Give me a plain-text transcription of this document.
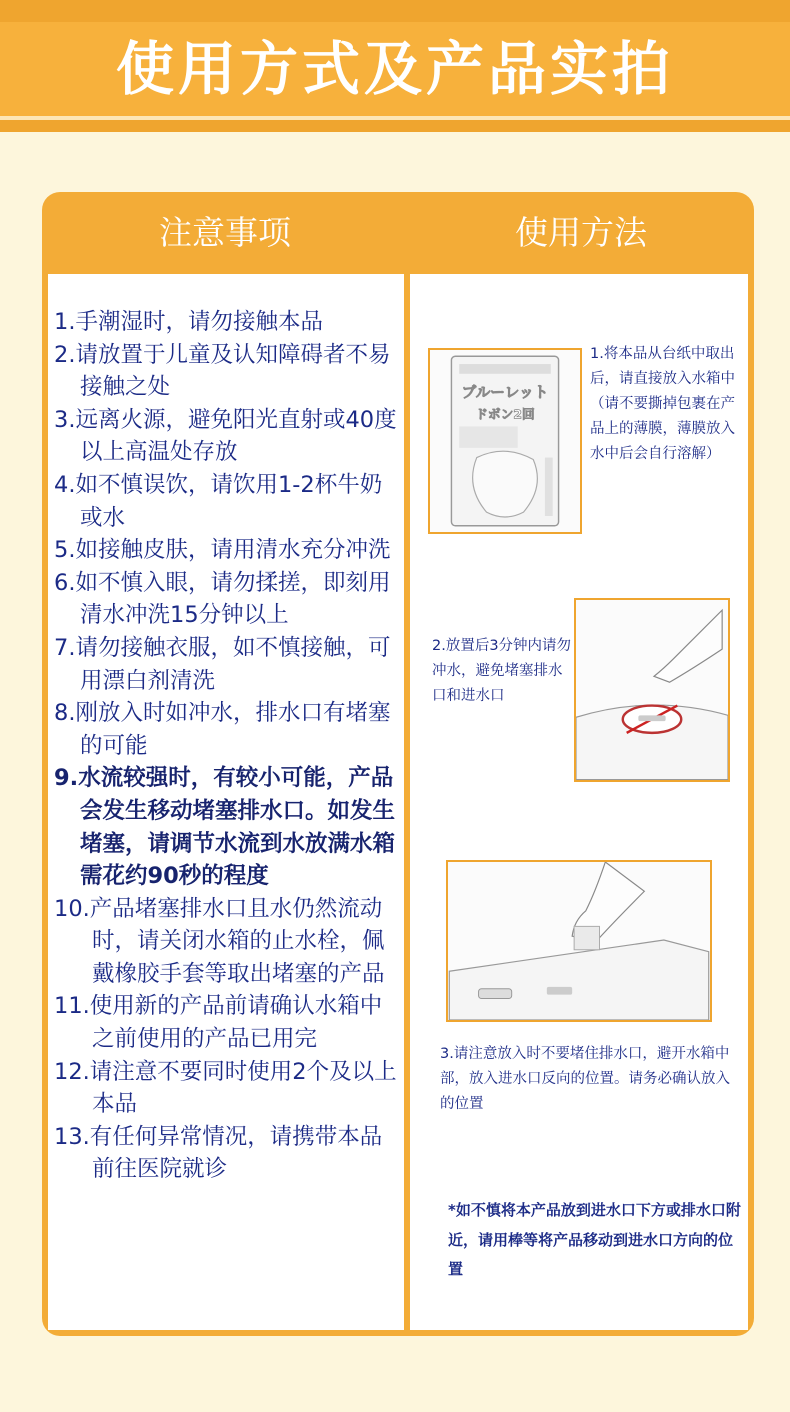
使用方式及产品实拍
注意事项	使用方法
1.手潮湿时，请勿接触本品
2.请放置于儿童及认知障碍者不易接触之处
3.远离火源，避免阳光直射或40度以上高温处存放
4.如不慎误饮，请饮用1-2杯牛奶或水
5.如接触皮肤，请用清水充分冲洗
6.如不慎入眼，请勿揉搓，即刻用清水冲洗15分钟以上
7.请勿接触衣服，如不慎接触，可用漂白剂清洗
8.刚放入时如冲水，排水口有堵塞的可能
9.水流较强时，有较小可能，产品会发生移动堵塞排水口。如发生堵塞，请调节水流到水放满水箱需花约90秒的程度
10.产品堵塞排水口且水仍然流动时，请关闭水箱的止水栓，佩戴橡胶手套等取出堵塞的产品
11.使用新的产品前请确认水箱中之前使用的产品已用完
12.请注意不要同时使用2个及以上本品
13.有任何异常情况，请携带本品前往医院就诊
ブルーレット
ドボン2回
1.将本品从台纸中取出后，请直接放入水箱中（请不要撕掉包裹在产品上的薄膜，薄膜放入水中后会自行溶解）
2.放置后3分钟内请勿冲水，避免堵塞排水口和进水口
3.请注意放入时不要堵住排水口，避开水箱中部，放入进水口反向的位置。请务必确认放入的位置
*如不慎将本产品放到进水口下方或排水口附近，请用棒等将产品移动到进水口方向的位置
